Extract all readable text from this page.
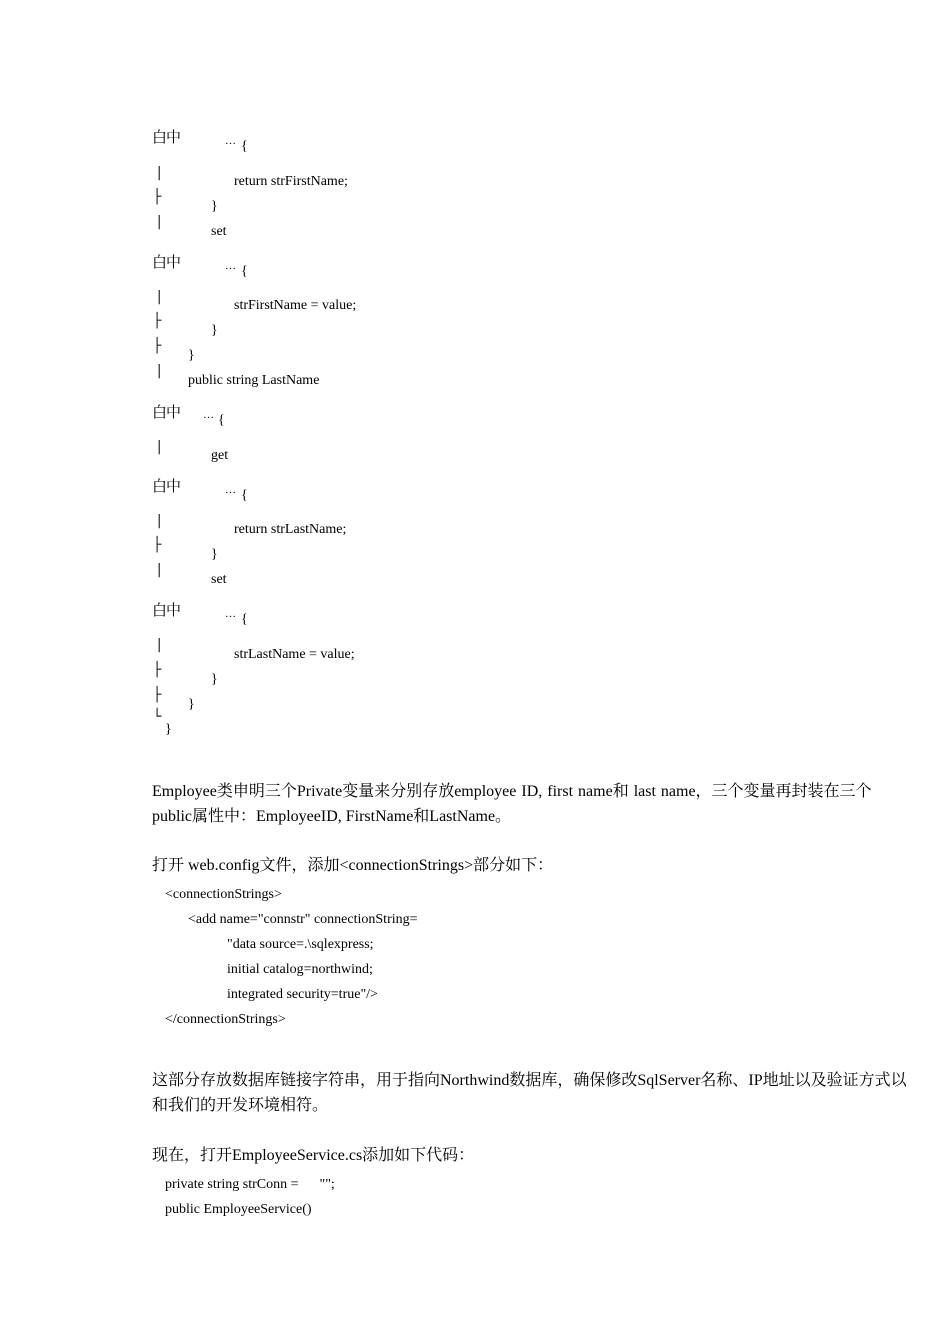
白中	… {
|
return strFirstName;
├
}
|
set
白中	… {
|
strFirstName = value;
├
}
├
}
|
public string LastName
白中 … {
|
get
白中	… {
|
return strLastName;
├
}
|
set
白中	… {
|
strLastName = value;
├
}
├
}
└
}
Employee类申明三个Private变量来分别存放employee ID, first name和 last name，三个变量再封装在三个
public属性中：EmployeeID, FirstName和LastName。
打开 web.config文件，添加<connectionStrings>部分如下：
<connectionStrings>
<add name="connstr" connectionString=
"data source=.\sqlexpress;
initial catalog=northwind;
integrated security=true"/>
</connectionStrings>
这部分存放数据库链接字符串，用于指向Northwind数据库，确保修改SqlServer名称、IP地址以及验证方式以
和我们的开发环境相符。
现在，打开EmployeeService.cs添加如下代码：
private string strConn =      "";
public EmployeeService()
